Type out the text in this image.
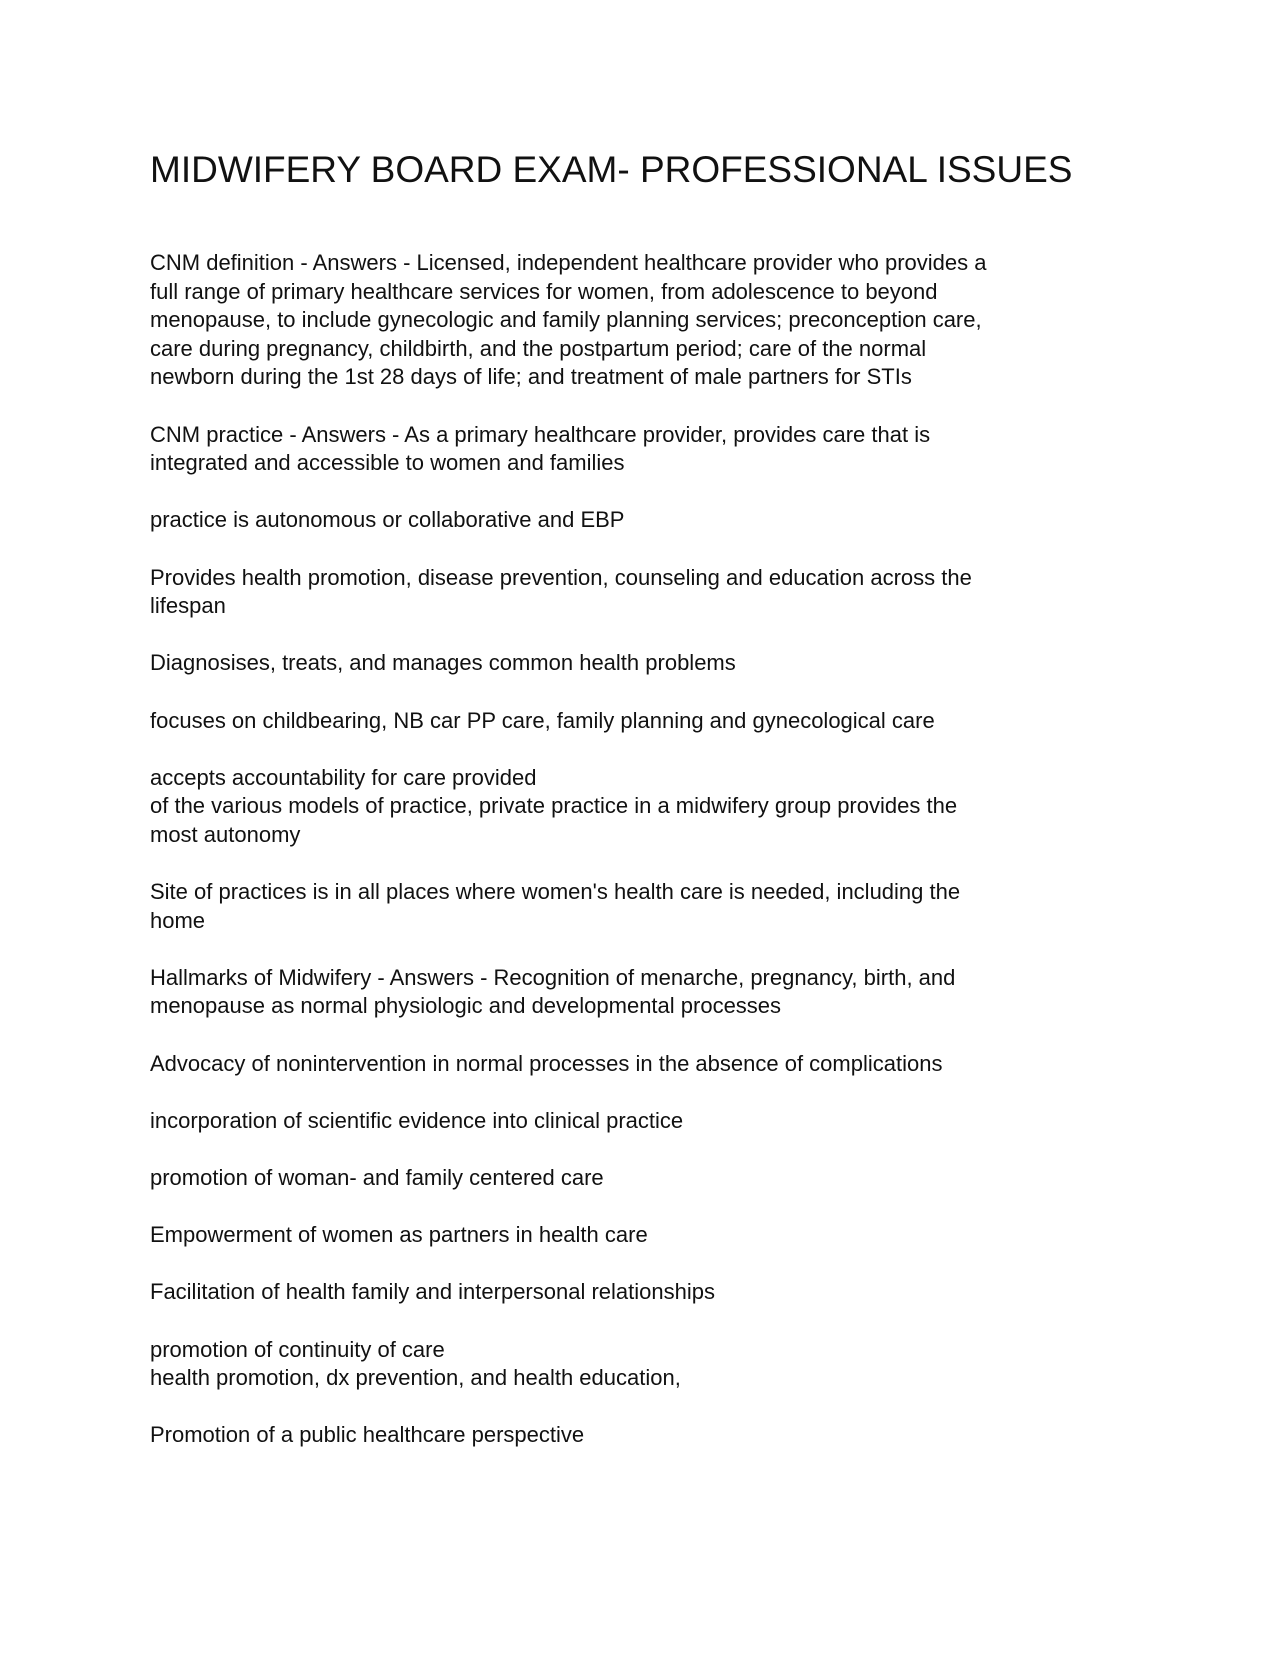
MIDWIFERY BOARD EXAM- PROFESSIONAL ISSUES

CNM definition - Answers - Licensed, independent healthcare provider who provides a
full range of primary healthcare services for women, from adolescence to beyond
menopause, to include gynecologic and family planning services; preconception care,
care during pregnancy, childbirth, and the postpartum period; care of the normal
newborn during the 1st 28 days of life; and treatment of male partners for STIs

CNM practice - Answers - As a primary healthcare provider, provides care that is
integrated and accessible to women and families

practice is autonomous or collaborative and EBP

Provides health promotion, disease prevention, counseling and education across the
lifespan

Diagnosises, treats, and manages common health problems

focuses on childbearing, NB car PP care, family planning and gynecological care

accepts accountability for care provided
of the various models of practice, private practice in a midwifery group provides the
most autonomy

Site of practices is in all places where women's health care is needed, including the
home

Hallmarks of Midwifery - Answers - Recognition of menarche, pregnancy, birth, and
menopause as normal physiologic and developmental processes

Advocacy of nonintervention in normal processes in the absence of complications

incorporation of scientific evidence into clinical practice

promotion of woman- and family centered care

Empowerment of women as partners in health care

Facilitation of health family and interpersonal relationships

promotion of continuity of care
health promotion, dx prevention, and health education,

Promotion of a public healthcare perspective
